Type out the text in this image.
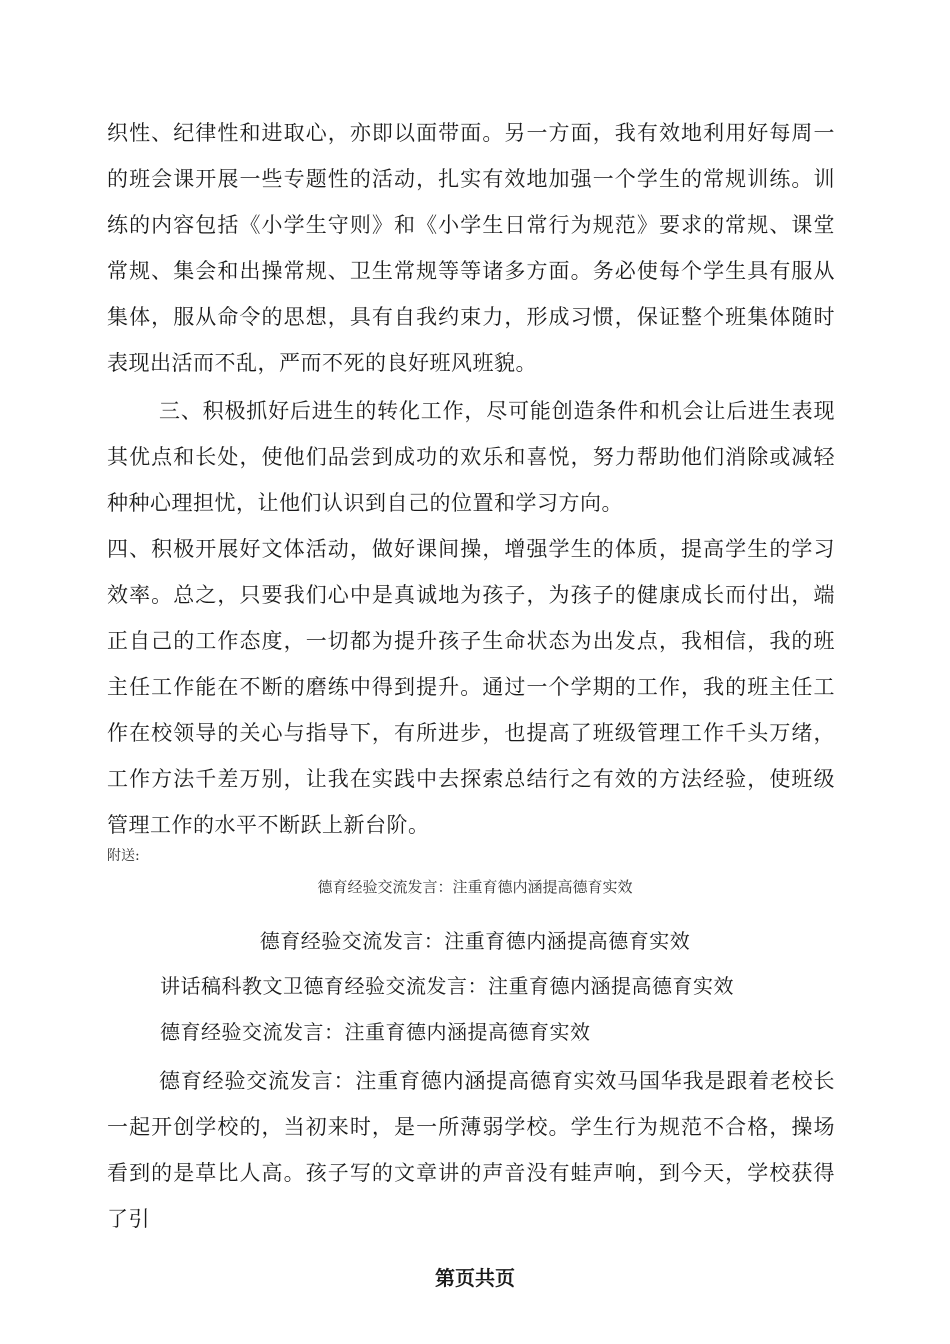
织性、纪律性和进取心，亦即以面带面。另一方面，我有效地利用好每周一的班会课开展一些专题性的活动，扎实有效地加强一个学生的常规训练。训练的内容包括《小学生守则》和《小学生日常行为规范》要求的常规、课堂常规、集会和出操常规、卫生常规等等诸多方面。务必使每个学生具有服从集体，服从命令的思想，具有自我约束力，形成习惯，保证整个班集体随时表现出活而不乱，严而不死的良好班风班貌。

三、积极抓好后进生的转化工作，尽可能创造条件和机会让后进生表现其优点和长处，使他们品尝到成功的欢乐和喜悦，努力帮助他们消除或减轻种种心理担忧，让他们认识到自己的位置和学习方向。

四、积极开展好文体活动，做好课间操，增强学生的体质，提高学生的学习效率。总之，只要我们心中是真诚地为孩子，为孩子的健康成长而付出，端正自己的工作态度，一切都为提升孩子生命状态为出发点，我相信，我的班主任工作能在不断的磨练中得到提升。通过一个学期的工作，我的班主任工作在校领导的关心与指导下，有所进步，也提高了班级管理工作千头万绪，工作方法千差万别，让我在实践中去探索总结行之有效的方法经验，使班级管理工作的水平不断跃上新台阶。

附送:
德育经验交流发言：注重育德内涵提高德育实效
德育经验交流发言：注重育德内涵提高德育实效
讲话稿科教文卫德育经验交流发言：注重育德内涵提高德育实效
德育经验交流发言：注重育德内涵提高德育实效

德育经验交流发言：注重育德内涵提高德育实效马国华我是跟着老校长一起开创学校的，当初来时，是一所薄弱学校。学生行为规范不合格，操场看到的是草比人高。孩子写的文章讲的声音没有蛙声响，到今天，学校获得了引

第页共页
